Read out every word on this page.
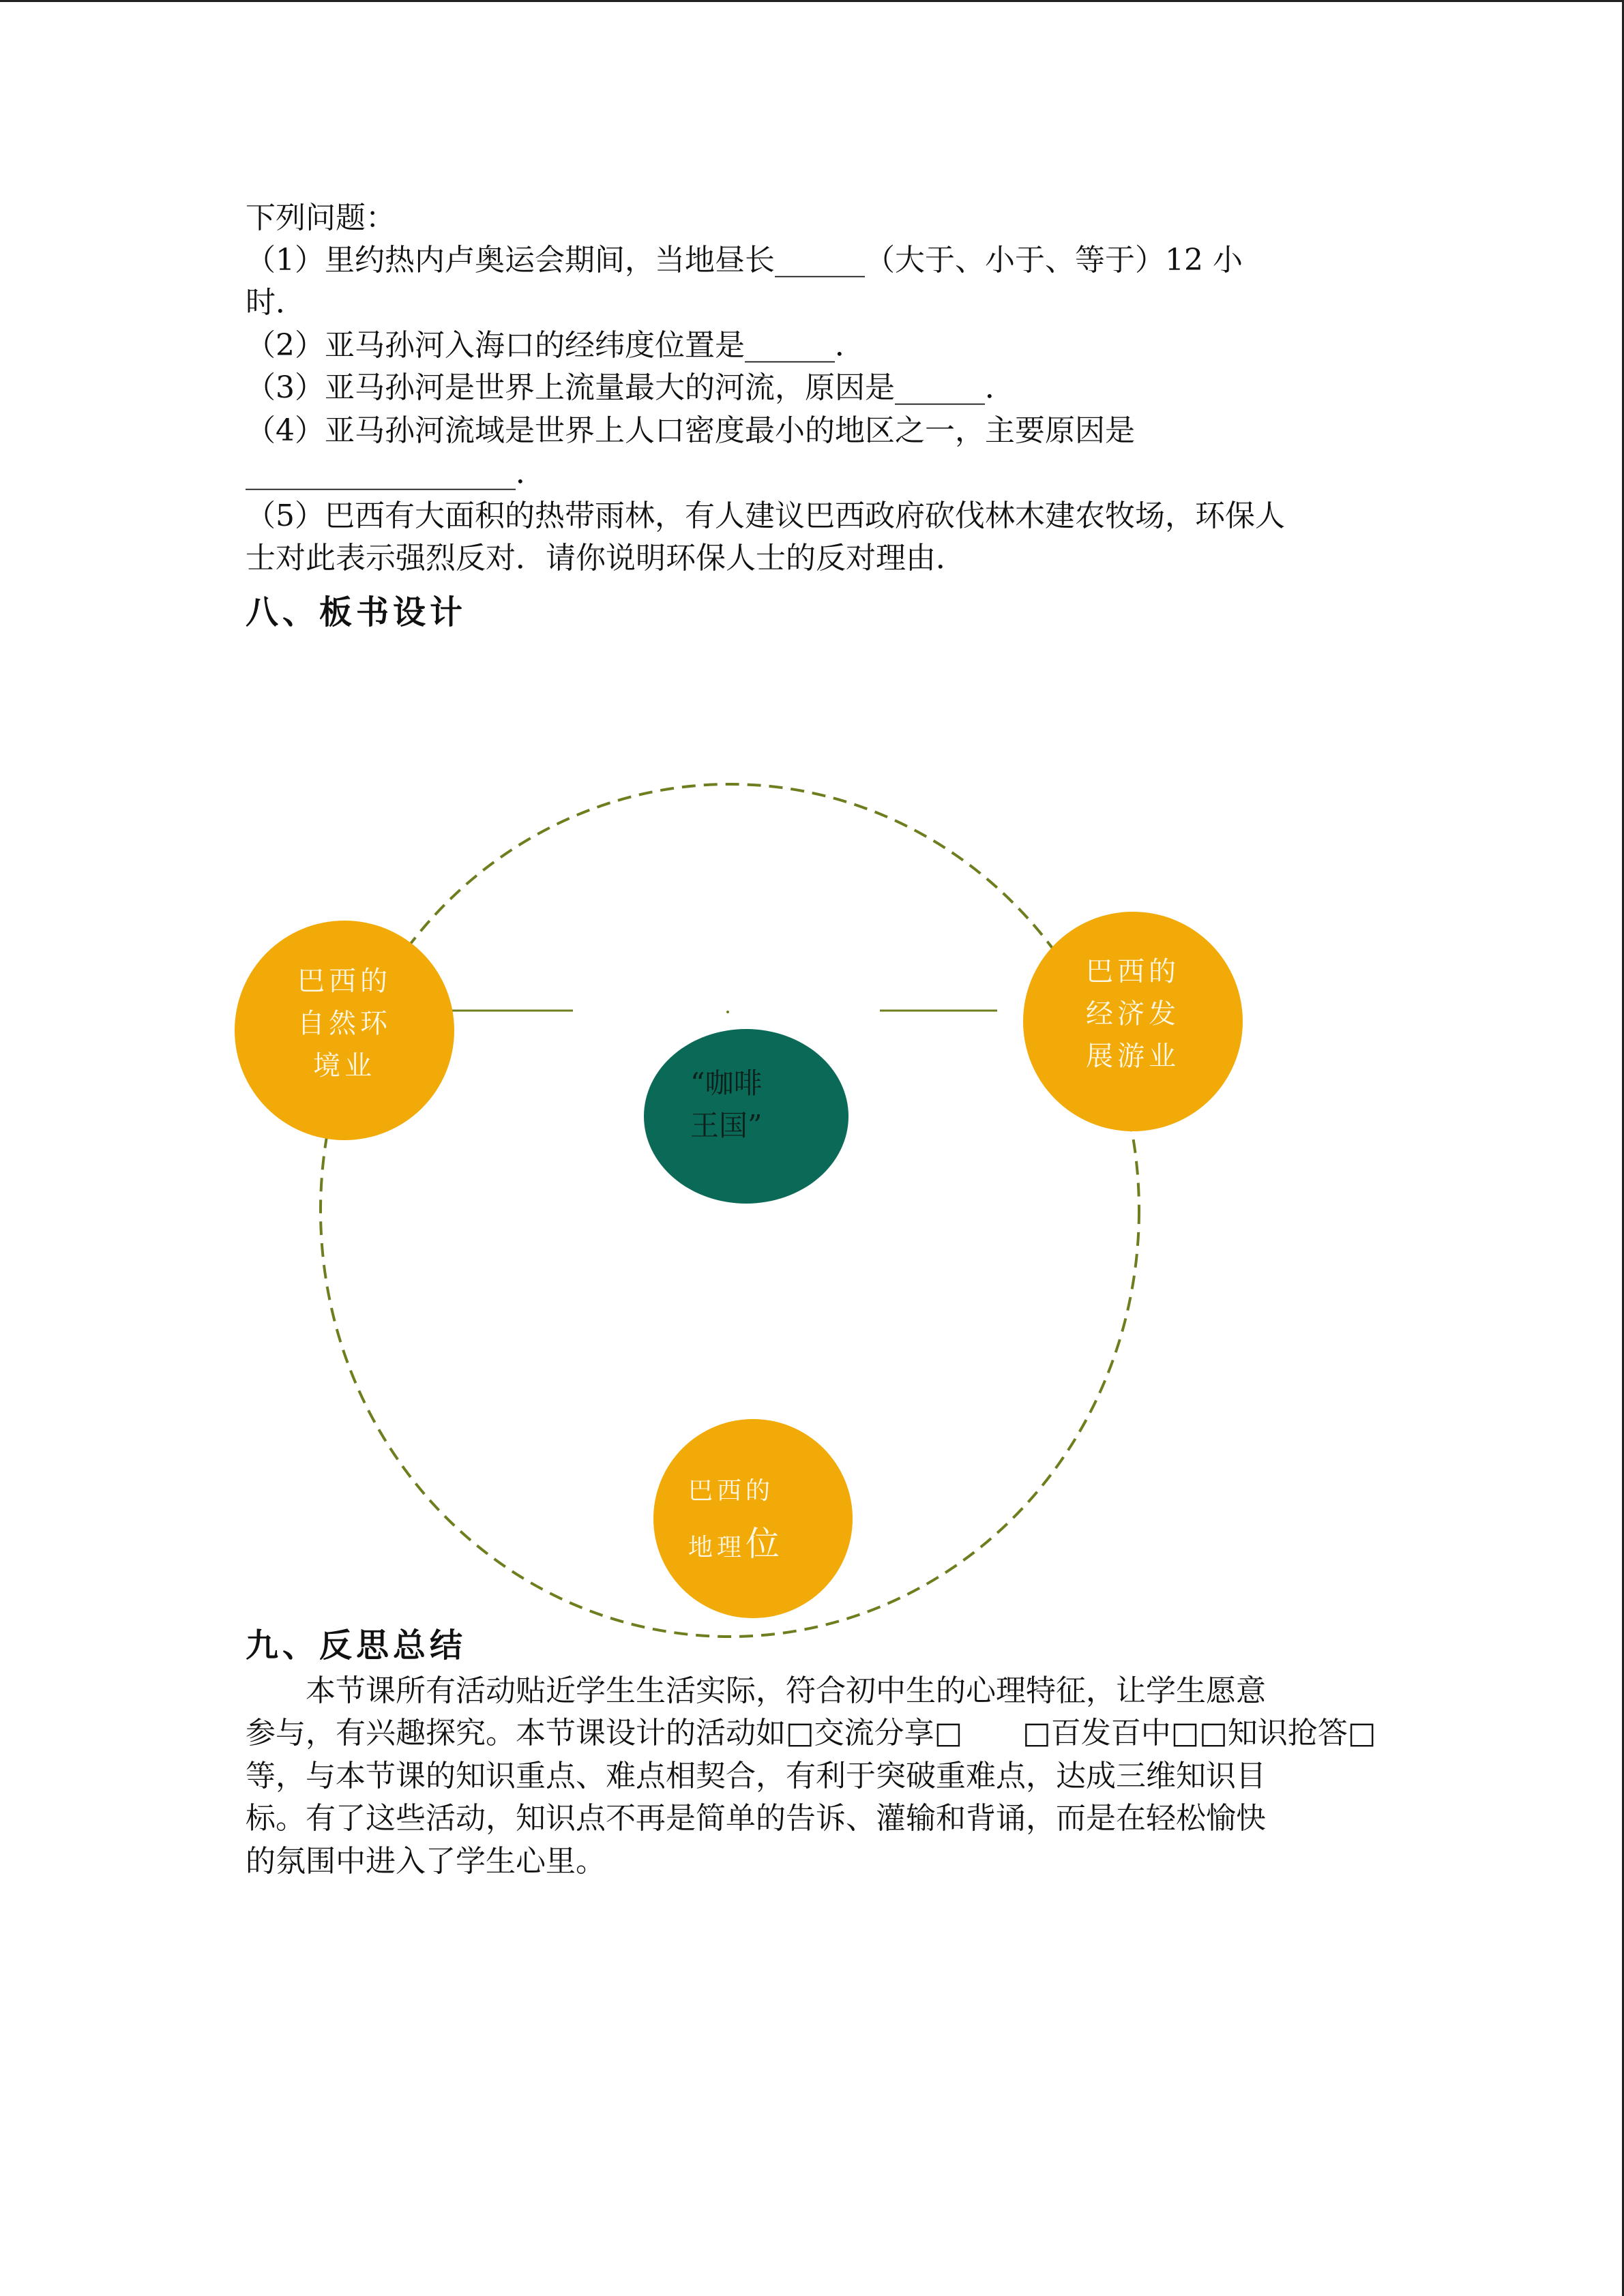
下列问题：
（1）里约热内卢奥运会期间，当地昼长______（大于、小于、等于）12 小
时．
（2）亚马孙河入海口的经纬度位置是______．
（3）亚马孙河是世界上流量最大的河流，原因是______．
（4）亚马孙河流域是世界上人口密度最小的地区之一，主要原因是
__________________．
（5）巴西有大面积的热带雨林，有人建议巴西政府砍伐林木建农牧场，环保人
士对此表示强烈反对．请你说明环保人士的反对理由．
八、板书设计
巴西的
自然环
境业
巴西的
经济发
展游业
巴西的
地理位
“咖啡
王国”
九、反思总结
　　本节课所有活动贴近学生生活实际，符合初中生的心理特征，让学生愿意
参与，有兴趣探究。本节课设计的活动如□交流分享□　　□百发百中□□知识抢答□
等，与本节课的知识重点、难点相契合，有利于突破重难点，达成三维知识目
标。有了这些活动，知识点不再是简单的告诉、灌输和背诵，而是在轻松愉快
的氛围中进入了学生心里。
